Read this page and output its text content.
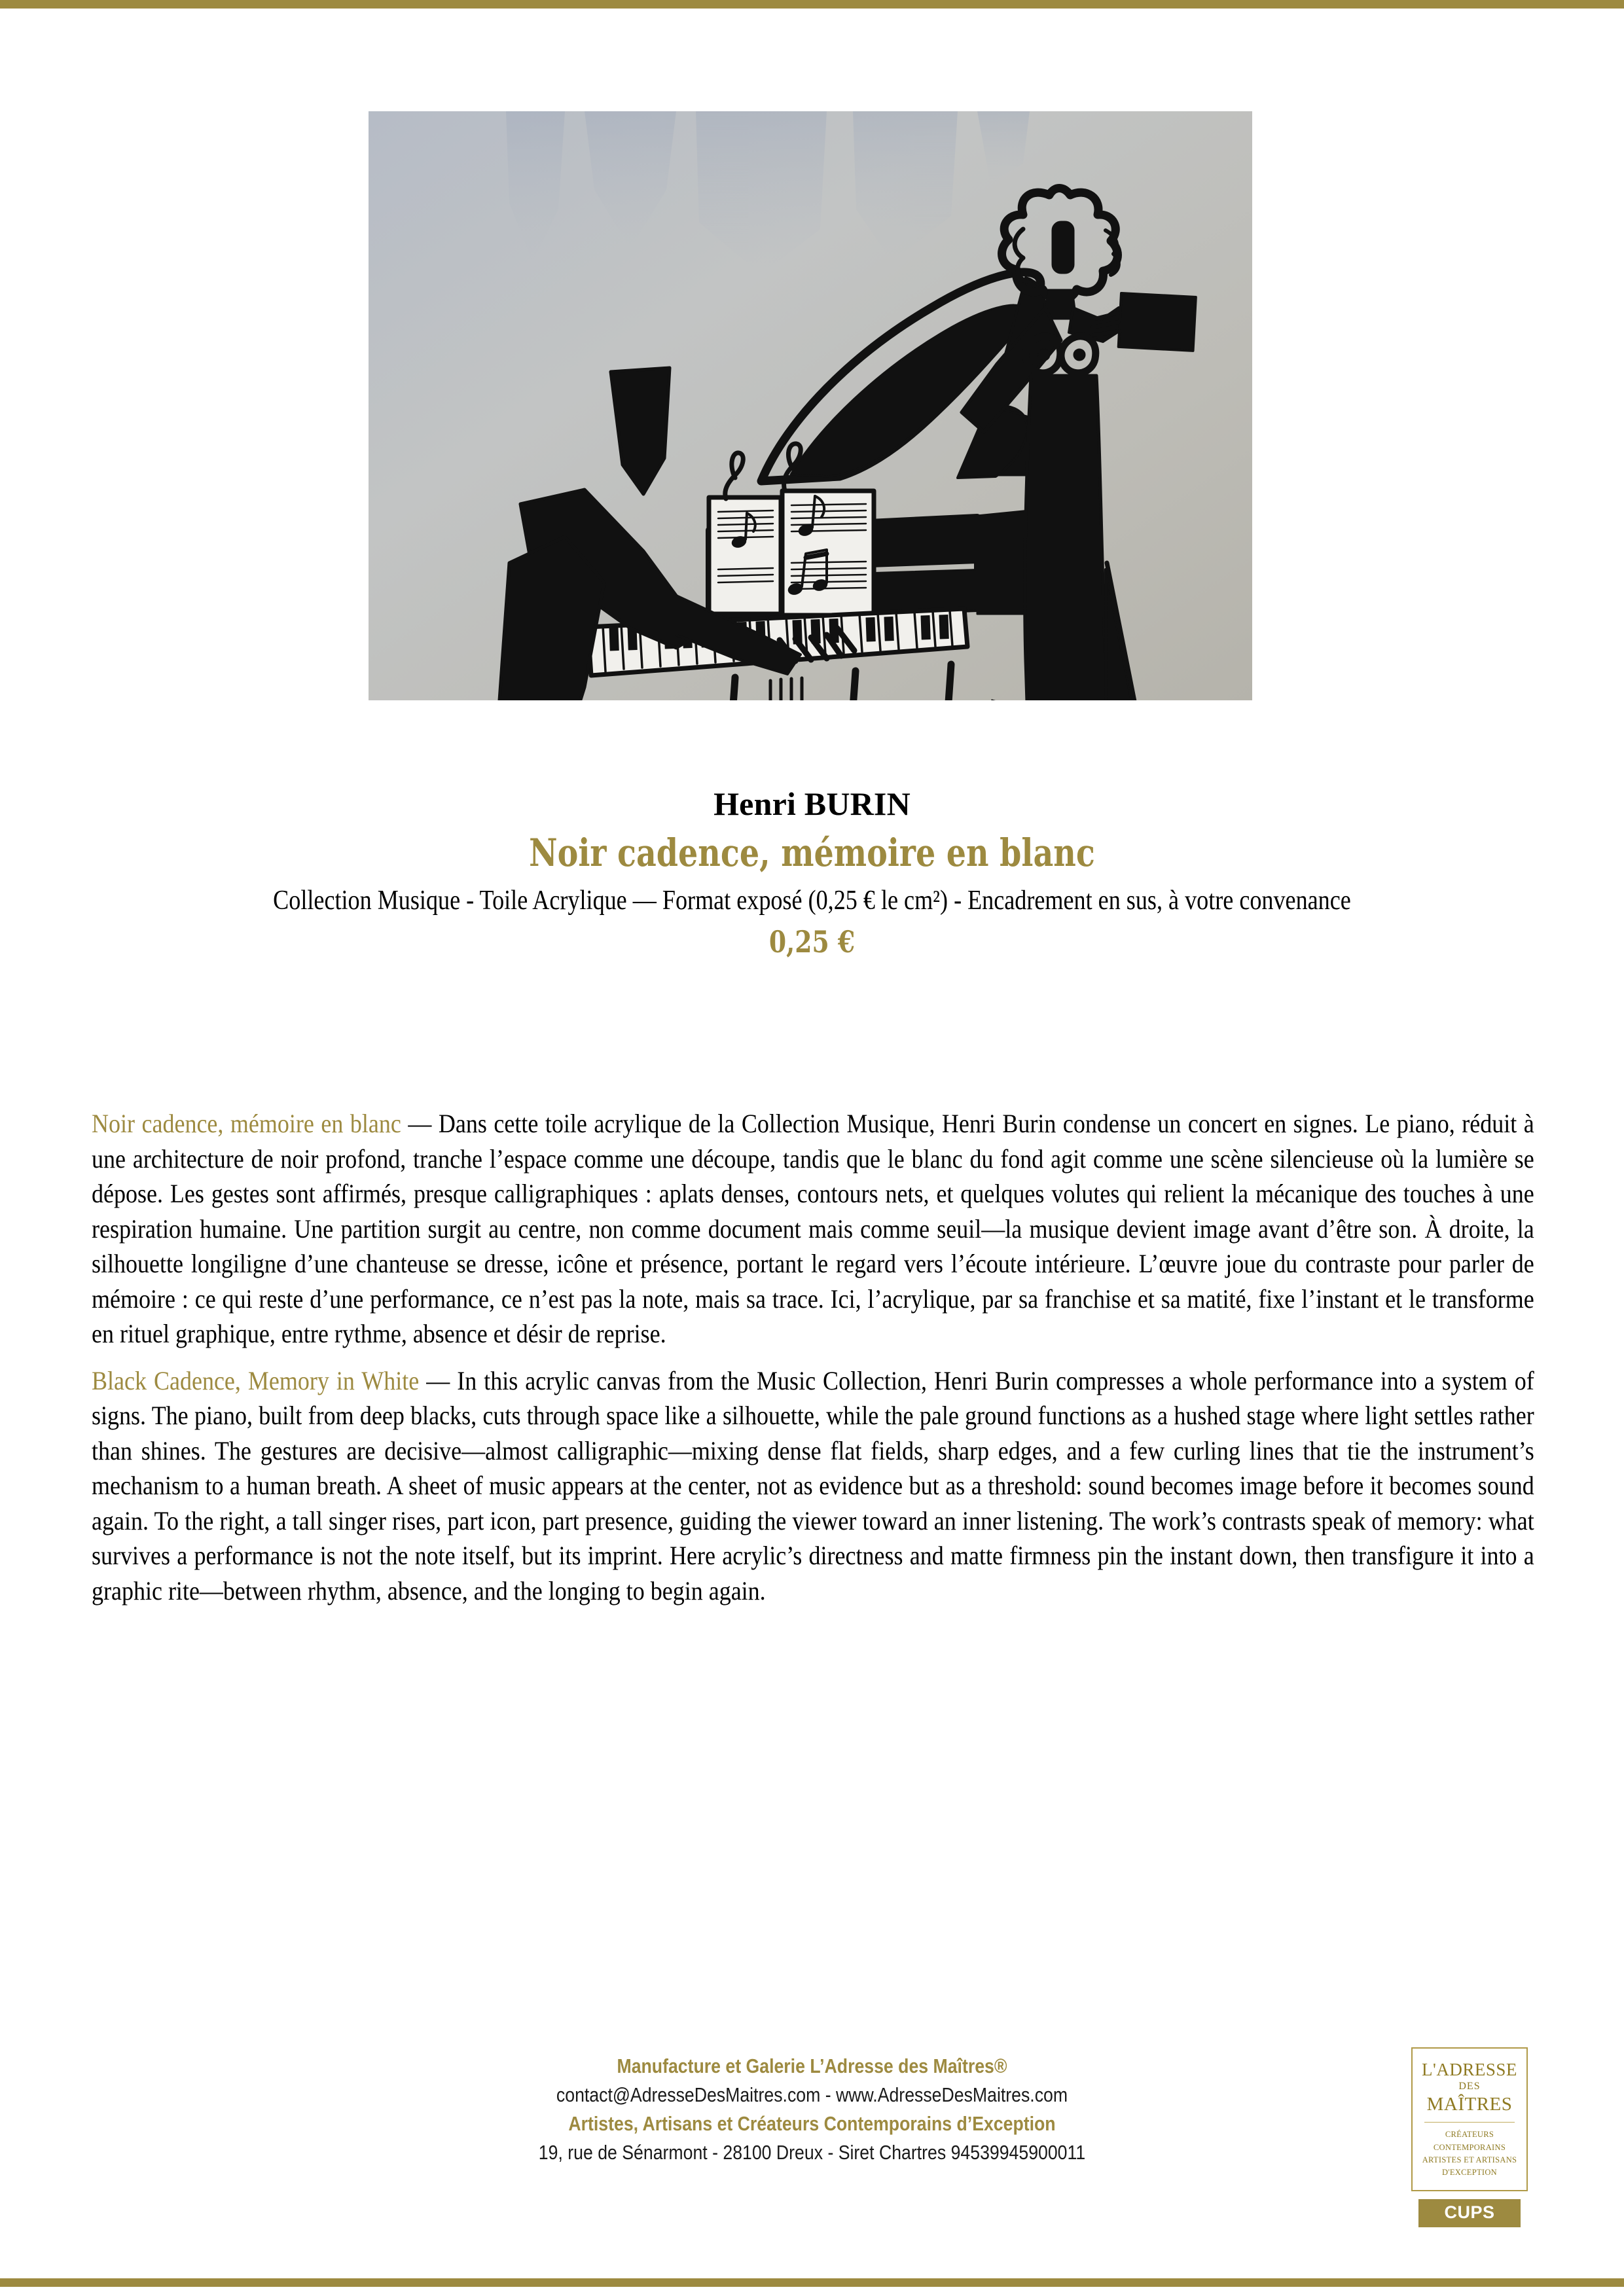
Henri BURIN
Noir cadence, mémoire en blanc
Collection Musique - Toile Acrylique — Format exposé (0,25 € le cm²) - Encadrement en sus, à votre convenance
0,25 €

Noir cadence, mémoire en blanc — Dans cette toile acrylique de la Collection Musique, Henri Burin condense un concert en signes. Le piano, réduit à une architecture de noir profond, tranche l’espace comme une découpe, tandis que le blanc du fond agit comme une scène silencieuse où la lumière se dépose. Les gestes sont affirmés, presque calligraphiques : aplats denses, contours nets, et quelques volutes qui relient la mécanique des touches à une respiration humaine. Une partition surgit au centre, non comme document mais comme seuil—la musique devient image avant d’être son. À droite, la silhouette longiligne d’une chanteuse se dresse, icône et présence, portant le regard vers l’écoute intérieure. L’œuvre joue du contraste pour parler de mémoire : ce qui reste d’une performance, ce n’est pas la note, mais sa trace. Ici, l’acrylique, par sa franchise et sa matité, fixe l’instant et le transforme en rituel graphique, entre rythme, absence et désir de reprise.

Black Cadence, Memory in White — In this acrylic canvas from the Music Collection, Henri Burin compresses a whole performance into a system of signs. The piano, built from deep blacks, cuts through space like a silhouette, while the pale ground functions as a hushed stage where light settles rather than shines. The gestures are decisive—almost calligraphic—mixing dense flat fields, sharp edges, and a few curling lines that tie the instrument’s mechanism to a human breath. A sheet of music appears at the center, not as evidence but as a threshold: sound becomes image before it becomes sound again. To the right, a tall singer rises, part icon, part presence, guiding the viewer toward an inner listening. The work’s contrasts speak of memory: what survives a performance is not the note itself, but its imprint. Here acrylic’s directness and matte firmness pin the instant down, then transfigure it into a graphic rite—between rhythm, absence, and the longing to begin again.

Manufacture et Galerie L’Adresse des Maîtres®
contact@AdresseDesMaitres.com - www.AdresseDesMaitres.com
Artistes, Artisans et Créateurs Contemporains d’Exception
19, rue de Sénarmont - 28100 Dreux - Siret Chartres 94539945900011
L'ADRESSE
DES
MAÎTRES
CRÉATEURS CONTEMPORAINS
ARTISTES ET ARTISANS
D'EXCEPTION
CUPS
